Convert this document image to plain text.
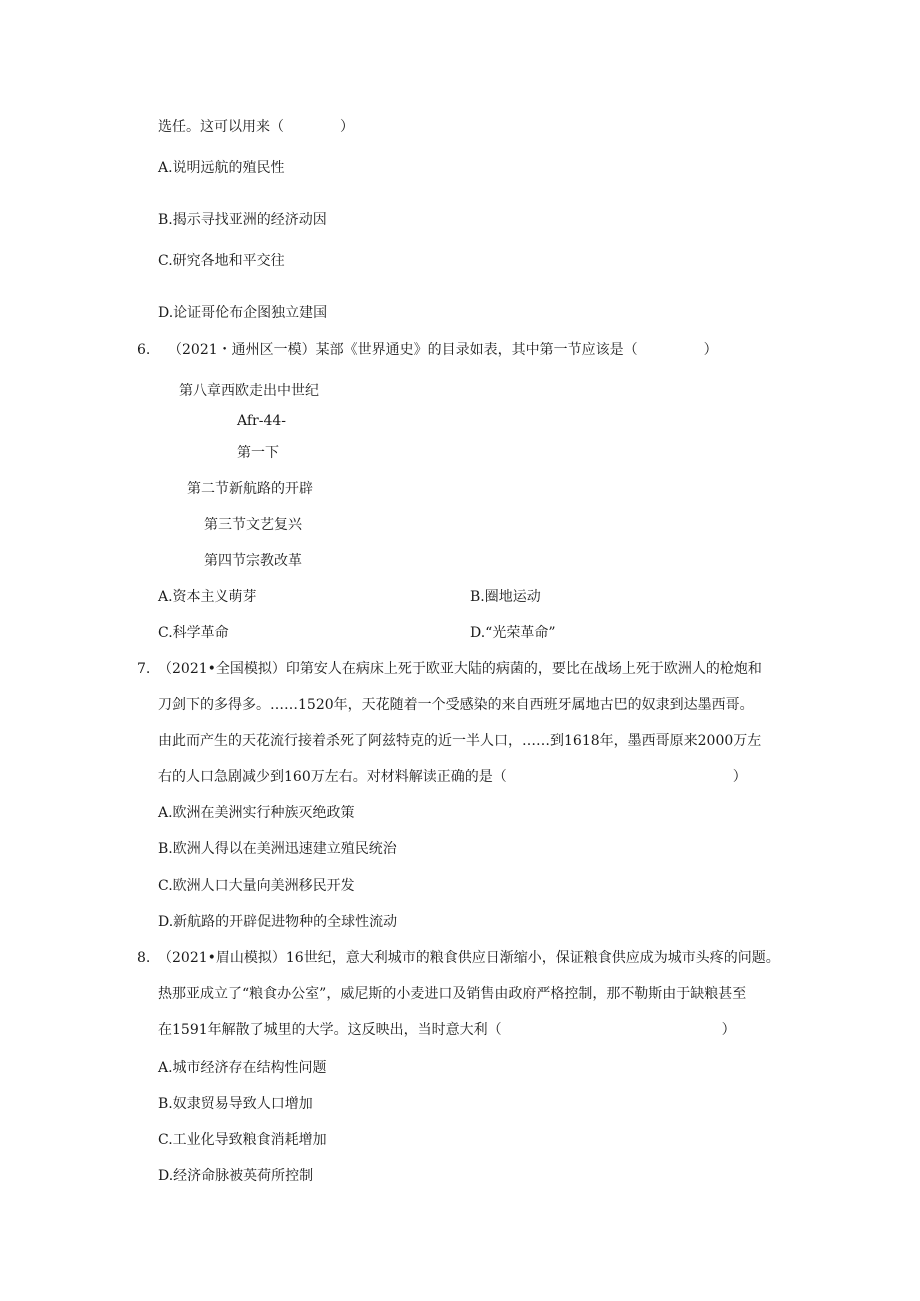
选任。这可以用来（	）
A.说明远航的殖民性
B.揭示寻找亚洲的经济动因
C.研究各地和平交往
D.论证哥伦布企图独立建国
6. （2021・通州区一模）某部《世界通史》的目录如表，其中第一节应该是（	）
第八章西欧走出中世纪
Afr-44-
第一下
第二节新航路的开辟
第三节文艺复兴
第四节宗教改革
A.资本主义萌芽	B.圈地运动
C.科学革命	D.“光荣革命”
7. （2021•全国模拟）印第安人在病床上死于欧亚大陆的病菌的，要比在战场上死于欧洲人的枪炮和
刀剑下的多得多。……1520年，天花随着一个受感染的来自西班牙属地古巴的奴隶到达墨西哥。
由此而产生的天花流行接着杀死了阿兹特克的近一半人口，……到1618年，墨西哥原来2000万左
右的人口急剧减少到160万左右。对材料解读正确的是（	）
A.欧洲在美洲实行种族灭绝政策
B.欧洲人得以在美洲迅速建立殖民统治
C.欧洲人口大量向美洲移民开发
D.新航路的开辟促进物种的全球性流动
8. （2021•眉山模拟）16世纪，意大利城市的粮食供应日渐缩小，保证粮食供应成为城市头疼的问题。
热那亚成立了“粮食办公室”，威尼斯的小麦进口及销售由政府严格控制，那不勒斯由于缺粮甚至
在1591年解散了城里的大学。这反映出，当时意大利（	）
A.城市经济存在结构性问题
B.奴隶贸易导致人口增加
C.工业化导致粮食消耗增加
D.经济命脉被英荷所控制
